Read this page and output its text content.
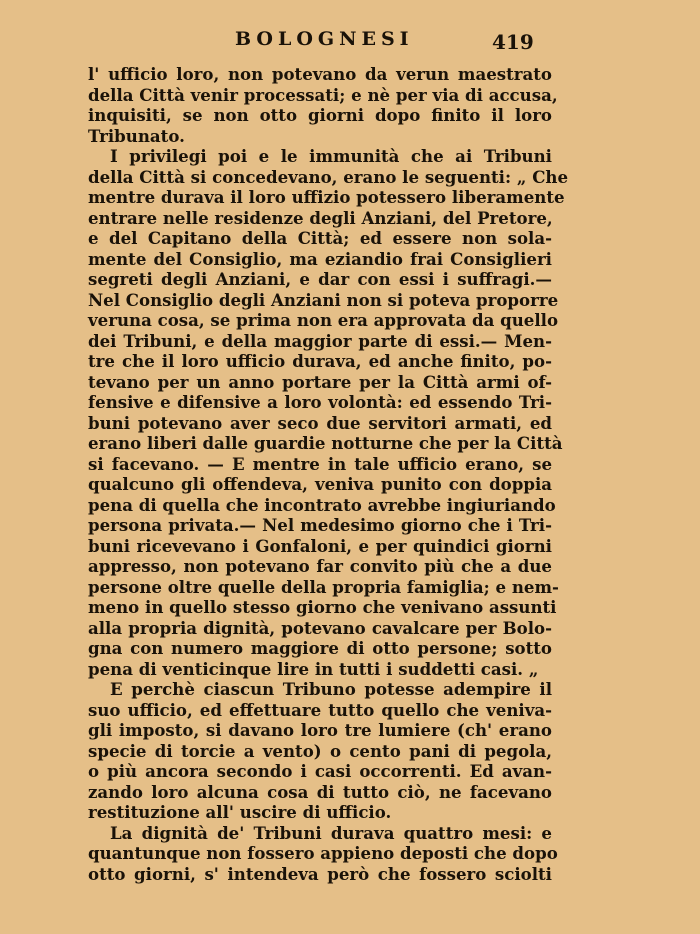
BOLOGNESI	419
l' ufficio loro, non potevano da verun maestrato
della Città venir processati; e nè per via di accusa,
inquisiti, se non otto giorni dopo finito il loro
Tribunato.
I privilegi poi e le immunità che ai Tribuni
della Città si concedevano, erano le seguenti: „ Che
mentre durava il loro uffizio potessero liberamente
entrare nelle residenze degli Anziani, del Pretore,
e del Capitano della Città; ed essere non sola-
mente del Consiglio, ma eziandio frai Consiglieri
segreti degli Anziani, e dar con essi i suffragi.—
Nel Consiglio degli Anziani non si poteva proporre
veruna cosa, se prima non era approvata da quello
dei Tribuni, e della maggior parte di essi.— Men-
tre che il loro ufficio durava, ed anche finito, po-
tevano per un anno portare per la Città armi of-
fensive e difensive a loro volontà: ed essendo Tri-
buni potevano aver seco due servitori armati, ed
erano liberi dalle guardie notturne che per la Città
si facevano. — E mentre in tale ufficio erano, se
qualcuno gli offendeva, veniva punito con doppia
pena di quella che incontrato avrebbe ingiuriando
persona privata.— Nel medesimo giorno che i Tri-
buni ricevevano i Gonfaloni, e per quindici giorni
appresso, non potevano far convito più che a due
persone oltre quelle della propria famiglia; e nem-
meno in quello stesso giorno che venivano assunti
alla propria dignità, potevano cavalcare per Bolo-
gna con numero maggiore di otto persone; sotto
pena di venticinque lire in tutti i suddetti casi. „
E perchè ciascun Tribuno potesse adempire il
suo ufficio, ed effettuare tutto quello che veniva-
gli imposto, si davano loro tre lumiere (ch' erano
specie di torcie a vento) o cento pani di pegola,
o più ancora secondo i casi occorrenti. Ed avan-
zando loro alcuna cosa di tutto ciò, ne facevano
restituzione all' uscire di ufficio.
La dignità de' Tribuni durava quattro mesi: e
quantunque non fossero appieno deposti che dopo
otto giorni, s' intendeva però che fossero sciolti
